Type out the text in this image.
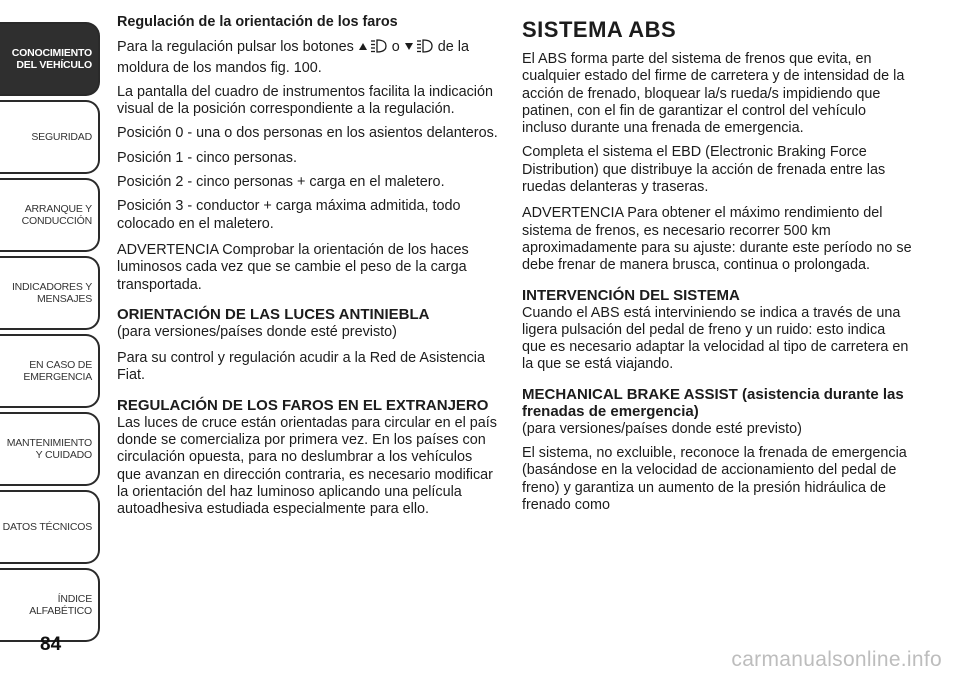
CONOCIMIENTO DEL VEHÍCULO
SEGURIDAD
ARRANQUE Y CONDUCCIÓN
INDICADORES Y MENSAJES
EN CASO DE EMERGENCIA
MANTENIMIENTO Y CUIDADO
DATOS TÉCNICOS
ÍNDICE ALFABÉTICO
84
Regulación de la orientación de los faros

Para la regulación pulsar los botones  o  de la moldura de los mandos fig. 100.

La pantalla del cuadro de instrumentos facilita la indicación visual de la posición correspondiente a la regulación.

Posición 0 - una o dos personas en los asientos delanteros.

Posición 1 - cinco personas.

Posición 2 - cinco personas + carga en el maletero.

Posición 3 - conductor + carga máxima admitida, todo colocado en el maletero.

ADVERTENCIA Comprobar la orientación de los haces luminosos cada vez que se cambie el peso de la carga transportada.

ORIENTACIÓN DE LAS LUCES ANTINIEBLA

(para versiones/países donde esté previsto)

Para su control y regulación acudir a la Red de Asistencia Fiat.

REGULACIÓN DE LOS FAROS EN EL EXTRANJERO

Las luces de cruce están orientadas para circular en el país donde se comercializa por primera vez. En los países con circulación opuesta, para no deslumbrar a los vehículos que avanzan en dirección contraria, es necesario modificar la orientación del haz luminoso aplicando una película autoadhesiva estudiada especialmente para ello.

SISTEMA ABS

El ABS forma parte del sistema de frenos que evita, en cualquier estado del firme de carretera y de intensidad de la acción de frenado, bloquear la/s rueda/s impidiendo que patinen, con el fin de garantizar el control del vehículo incluso durante una frenada de emergencia.

Completa el sistema el EBD (Electronic Braking Force Distribution) que distribuye la acción de frenada entre las ruedas delanteras y traseras.

ADVERTENCIA Para obtener el máximo rendimiento del sistema de frenos, es necesario recorrer 500 km aproximadamente para su ajuste: durante este período no se debe frenar de manera brusca, continua o prolongada.

INTERVENCIÓN DEL SISTEMA

Cuando el ABS está interviniendo se indica a través de una ligera pulsación del pedal de freno y un ruido: esto indica que es necesario adaptar la velocidad al tipo de carretera en la que se está viajando.

MECHANICAL BRAKE ASSIST (asistencia durante las frenadas de emergencia)

(para versiones/países donde esté previsto)

El sistema, no excluible, reconoce la frenada de emergencia (basándose en la velocidad de accionamiento del pedal de freno) y garantiza un aumento de la presión hidráulica de frenado como

carmanualsonline.info
